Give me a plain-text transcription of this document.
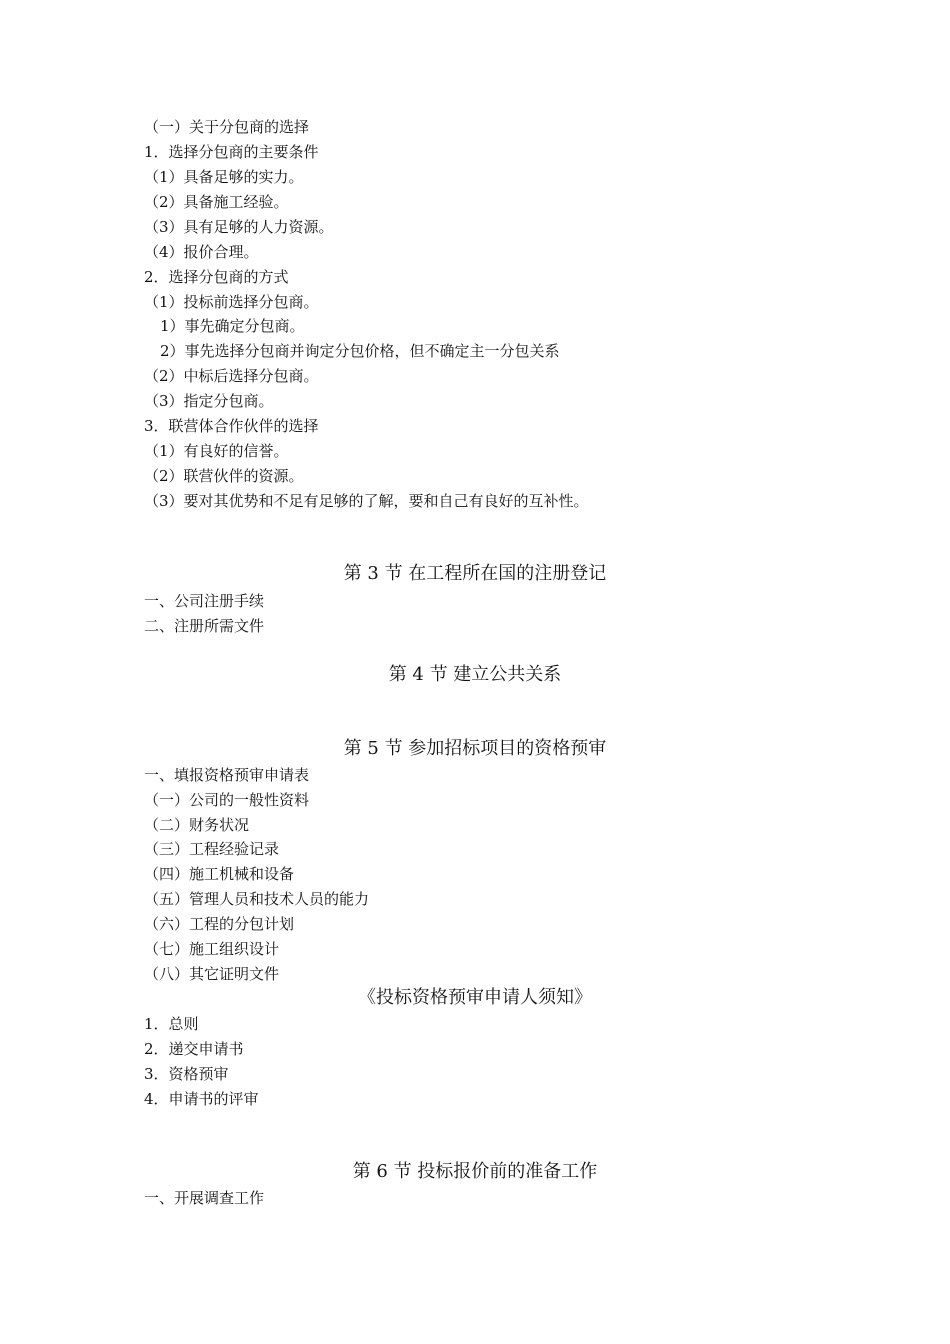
（一）关于分包商的选择
1．选择分包商的主要条件
（1）具备足够的实力。
（2）具备施工经验。
（3）具有足够的人力资源。
（4）报价合理。
2．选择分包商的方式
（1）投标前选择分包商。
1）事先确定分包商。
2）事先选择分包商并询定分包价格，但不确定主一分包关系
（2）中标后选择分包商。
（3）指定分包商。
3．联营体合作伙伴的选择
（1）有良好的信誉。
（2）联营伙伴的资源。
（3）要对其优势和不足有足够的了解，要和自己有良好的互补性。
第 3 节 在工程所在国的注册登记
一、公司注册手续
二、注册所需文件
第 4 节 建立公共关系
第 5 节 参加招标项目的资格预审
一、填报资格预审申请表
（一）公司的一般性资料
（二）财务状况
（三）工程经验记录
（四）施工机械和设备
（五）管理人员和技术人员的能力
（六）工程的分包计划
（七）施工组织设计
（八）其它证明文件
《投标资格预审申请人须知》
1．总则
2．递交申请书
3．资格预审
4．申请书的评审
第 6 节 投标报价前的准备工作
一、开展调查工作
